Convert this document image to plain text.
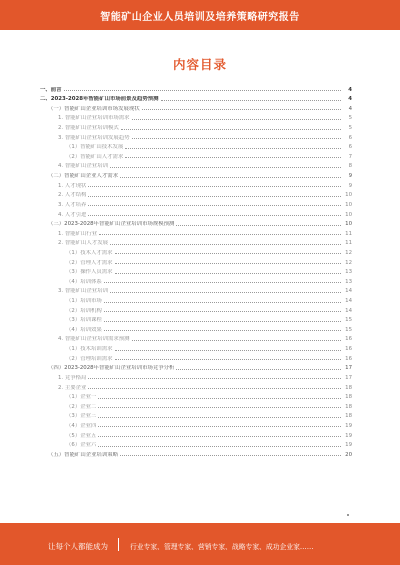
智能矿山企业人员培训及培养策略研究报告
内容目录
一、前言	4
二、2023-2028年智能矿山市场前景及趋势预测	4
（一）智能矿山企业培训市场发展现状	4
1. 智能矿山企业培训市场需求	5
2. 智能矿山企业培训模式	5
3. 智能矿山企业培训发展趋势	6
（1）智能矿山技术发展	6
（2）智能矿山人才需求	7
4. 智能矿山企业培训	8
（二）智能矿山企业人才需求	9
1. 人才现状	9
2. 人才结构	10
3. 人才培养	10
4. 人才引进	10
（三）2023-2028年智能矿山企业培训市场规模预测	10
1. 智能矿山行业	11
2. 智能矿山人才发展	11
（1）技术人才需求	12
（2）管理人才需求	12
（3）操作人员需求	13
（4）培训体系	13
3. 智能矿山企业培训	14
（1）培训市场	14
（2）培训机构	14
（3）培训课程	15
（4）培训效果	15
4. 智能矿山企业培训需求预测	16
（1）技术培训需求	16
（2）管理培训需求	16
（四）2023-2028年智能矿山企业培训市场竞争分析	17
1. 竞争格局	17
2. 主要企业	18
（1）企业一	18
（2）企业二	18
（3）企业三	18
（4）企业四	19
（5）企业五	19
（6）企业六	19
（五）智能矿山企业培训策略	20
让每个人都能成为	行业专家、管理专家、营销专家、战略专家、成功企业家……
